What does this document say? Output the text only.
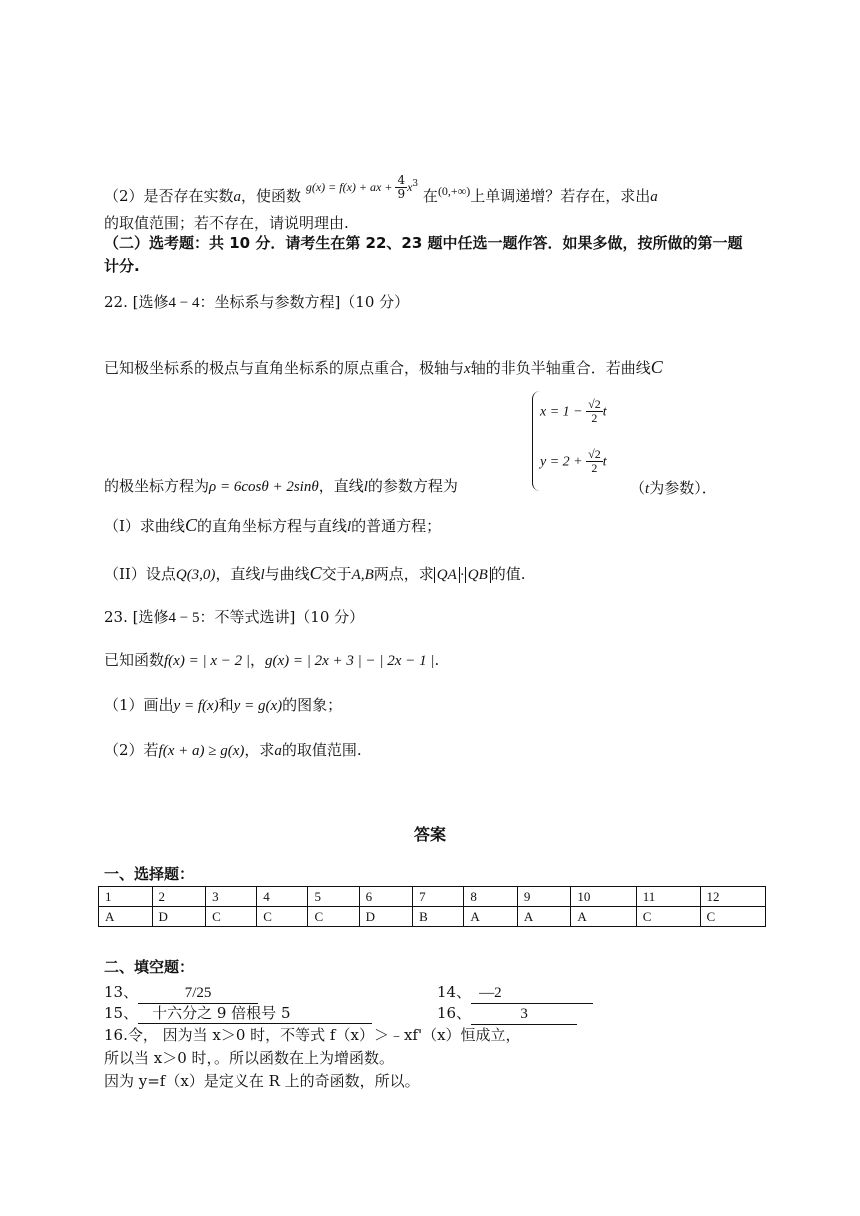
（2）是否存在实数a，使函数 $^{g(x) = f(x) + ax + \frac{4}{9} x^3}$ 在$^{(0,+\infty)}$上单调递增？若存在，求出a
的取值范围；若不存在，请说明理由.
（二）选考题：共 10 分．请考生在第 22、23 题中任选一题作答．如果多做，按所做的第一题
计分.
22. [选修4 − 4：坐标系与参数方程]（10 分）
已知极坐标系的极点与直角坐标系的原点重合，极轴与x轴的非负半轴重合．若曲线C
$x = 1 - \frac{√2}{2}$ t
$y = 2 + \frac{√2}{2}$ t
的极坐标方程为ρ = 6cosθ + 2sinθ，直线l的参数方程为	（t为参数）．
（I）求曲线C的直角坐标方程与直线l的普通方程；
（II）设点Q(3,0)，直线l与曲线C交于A,B两点，求 QA · QB 的值.
23. [选修4 − 5：不等式选讲]（10 分）
已知函数f(x) = | x − 2 |，g(x) = | 2x + 3 | − | 2x − 1 |.
（1）画出y = f(x)和y = g(x)的图象；
（2）若f(x + a) ≥ g(x)，求a的取值范围.
答案
一、选择题：
1	2	3	4	5	6	7	8	9	10	11	12
A	D	C	C	C	D	B	A	A	A	C	C
二、填空题：
13、	7/25	14、 —2
15、 十六分之 9 倍根号 5	16、	3
16.令， 因为当 x＞0 时，不等式 f（x）＞﹣xf'（x）恒成立，
所以当 x＞0 时，。所以函数在上为增函数。
因为 y=f（x）是定义在 R 上的奇函数，所以。
